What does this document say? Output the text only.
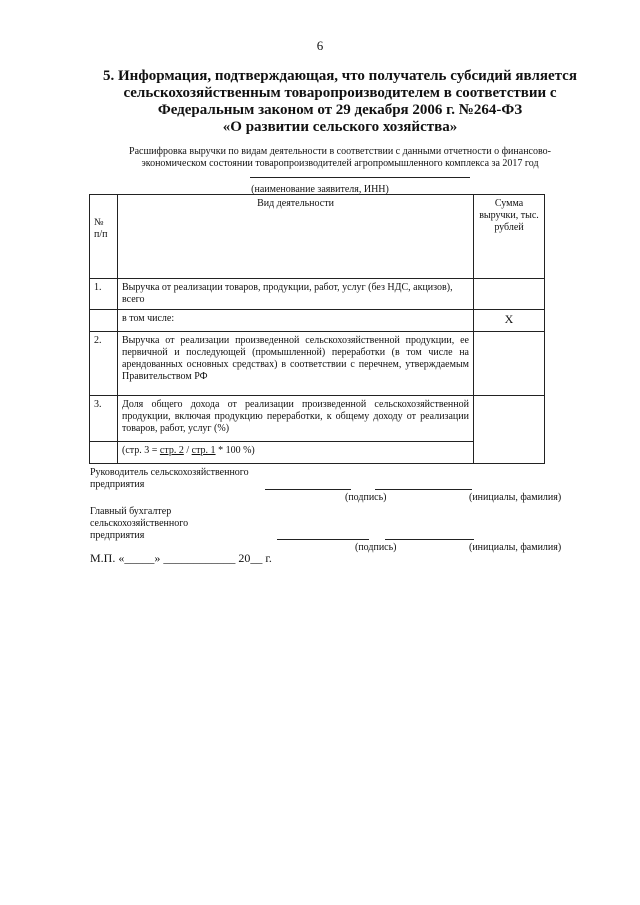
6
5. Информация, подтверждающая, что получатель субсидий является
сельскохозяйственным товаропроизводителем в соответствии с
Федеральным законом от 29 декабря 2006 г. №264-ФЗ
«О развитии сельского хозяйства»
Расшифровка выручки по видам деятельности в соответствии с данными отчетности о финансово-
экономическом состоянии товаропроизводителей агропромышленного комплекса за 2017 год
(наименование заявителя, ИНН)
№
п/п	Вид деятельности	Сумма выручки, тыс. рублей
1.	Выручка от реализации товаров, продукции, работ, услуг (без НДС, акцизов), всего	
	в том числе:	X
2.	Выручка от реализации произведенной сельскохозяйственной продукции, ее первичной и последующей (промышленной) переработки (в том числе на арендованных основных средствах) в соответствии с перечнем, утверждаемым Правительством РФ	
3.	Доля общего дохода от реализации произведенной сельскохозяйственной продукции, включая продукцию переработки, к общему доходу от реализации товаров, работ, услуг (%)	
	(стр. 3 = стр. 2 / стр. 1 * 100 %)	
Руководитель сельскохозяйственного
предприятия
(подпись)	(инициалы, фамилия)
Главный бухгалтер
сельскохозяйственного
предприятия
(подпись)	(инициалы, фамилия)
М.П. «_____» ____________ 20__ г.
